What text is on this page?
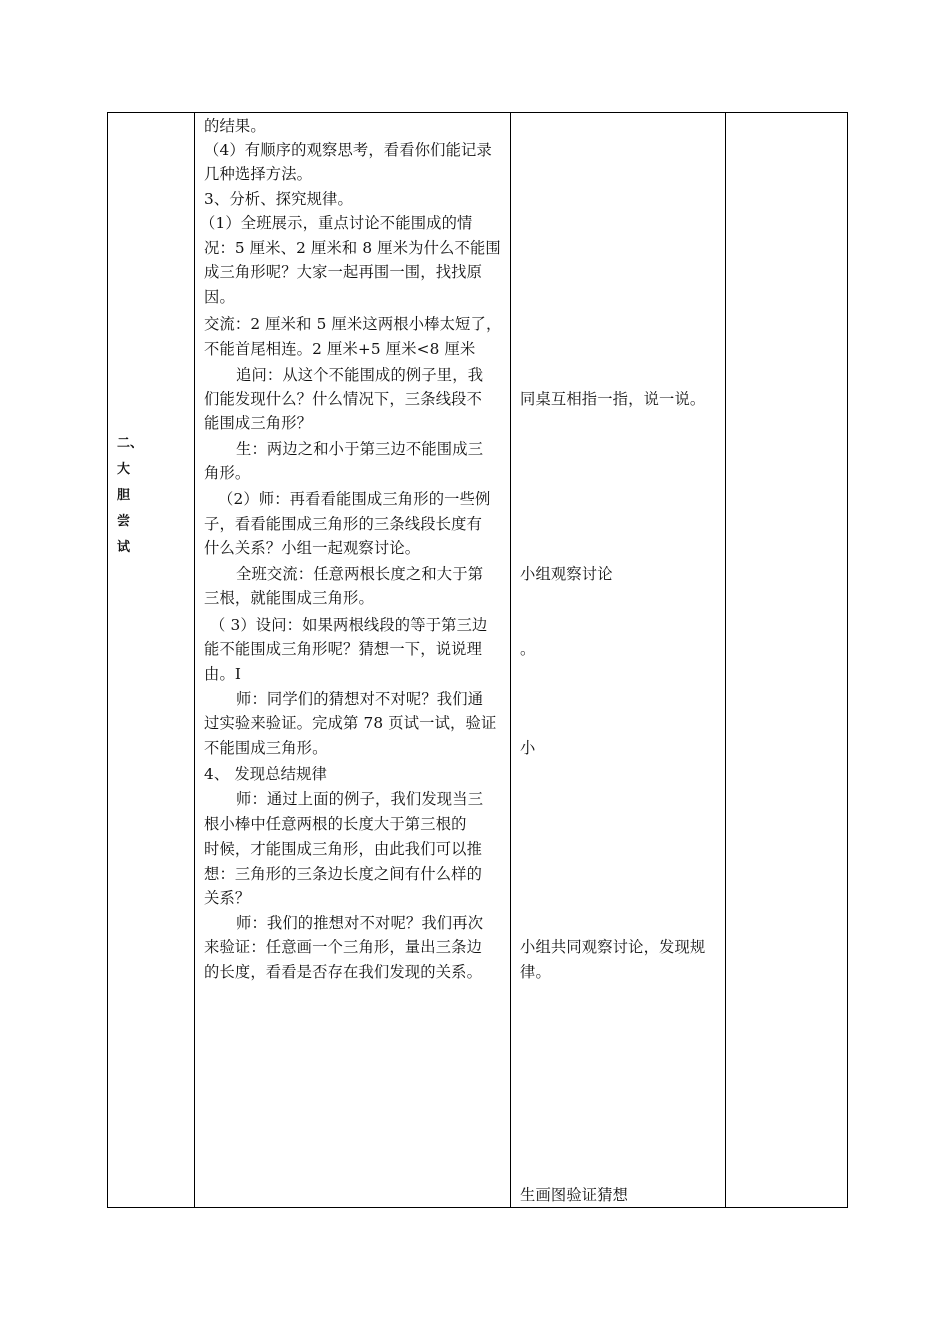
二、
大
胆
尝
试
的结果。
（4）有顺序的观察思考，看看你们能记录
几种选择方法。
3、分析、探究规律。
（1）全班展示，重点讨论不能围成的情
况：5 厘米、2 厘米和 8 厘米为什么不能围
成三角形呢？大家一起再围一围，找找原
因。
交流：2 厘米和 5 厘米这两根小棒太短了，
不能首尾相连。2 厘米+5 厘米<8 厘米
追问：从这个不能围成的例子里，我
们能发现什么？什么情况下，三条线段不
能围成三角形？
生：两边之和小于第三边不能围成三
角形。
（2）师：再看看能围成三角形的一些例
子，看看能围成三角形的三条线段长度有
什么关系？小组一起观察讨论。
全班交流：任意两根长度之和大于第
三根，就能围成三角形。
（ 3）设问：如果两根线段的等于第三边
能不能围成三角形呢？猜想一下，说说理
由。I
师：同学们的猜想对不对呢？我们通
过实验来验证。完成第 78 页试一试，验证
不能围成三角形。
4、 发现总结规律
师：通过上面的例子，我们发现当三
根小棒中任意两根的长度大于第三根的
时候，才能围成三角形，由此我们可以推
想：三角形的三条边长度之间有什么样的
关系？
师：我们的推想对不对呢？我们再次
来验证：任意画一个三角形，量出三条边
的长度，看看是否存在我们发现的关系。
同桌互相指一指，说一说。
小组观察讨论
。
小
小组共同观察讨论，发现规
律。
生画图验证猜想
